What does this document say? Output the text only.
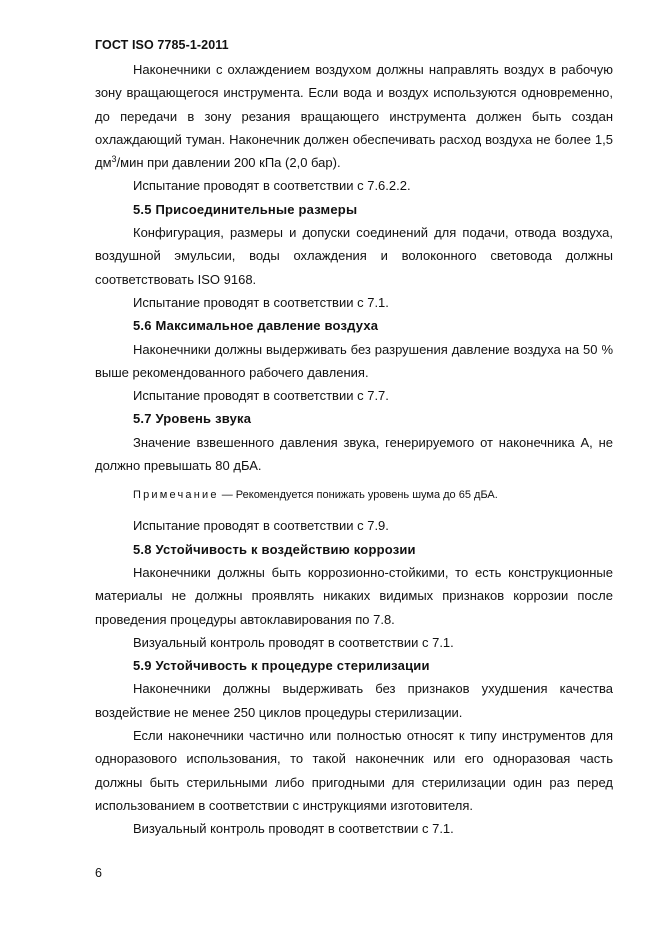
ГОСТ ISO 7785-1-2011

Наконечники с охлаждением воздухом должны направлять воздух в рабочую зону вращающегося инструмента. Если вода и воздух используются одновременно, до передачи в зону резания вращающего инструмента должен быть создан охлаждающий туман. Наконечник должен обеспечивать расход воздуха не более 1,5 $дм^3$/мин при давлении 200 кПа (2,0 бар).

Испытание проводят в соответствии с 7.6.2.2.

5.5 Присоединительные размеры

Конфигурация, размеры и допуски соединений для подачи, отвода воздуха, воздушной эмульсии, воды охлаждения и волоконного световода должны соответствовать ISO 9168.

Испытание проводят в соответствии с 7.1.

5.6 Максимальное давление воздуха

Наконечники должны выдерживать без разрушения давление воздуха на 50 % выше рекомендованного рабочего давления.

Испытание проводят в соответствии с 7.7.

5.7 Уровень звука

Значение взвешенного давления звука, генерируемого от наконечника А, не должно превышать 80 дБА.

Примечание — Рекомендуется понижать уровень шума до 65 дБА.

Испытание проводят в соответствии с 7.9.

5.8 Устойчивость к воздействию коррозии

Наконечники должны быть коррозионно-стойкими, то есть конструкционные материалы не должны проявлять никаких видимых признаков коррозии после проведения процедуры автоклавирования по 7.8.

Визуальный контроль проводят в соответствии с 7.1.

5.9 Устойчивость к процедуре стерилизации

Наконечники должны выдерживать без признаков ухудшения качества воздействие не менее 250 циклов процедуры стерилизации.

Если наконечники частично или полностью относят к типу инструментов для одноразового использования, то такой наконечник или его одноразовая часть должны быть стерильными либо пригодными для стерилизации один раз перед использованием в соответствии с инструкциями изготовителя.

Визуальный контроль проводят в соответствии с 7.1.

6
